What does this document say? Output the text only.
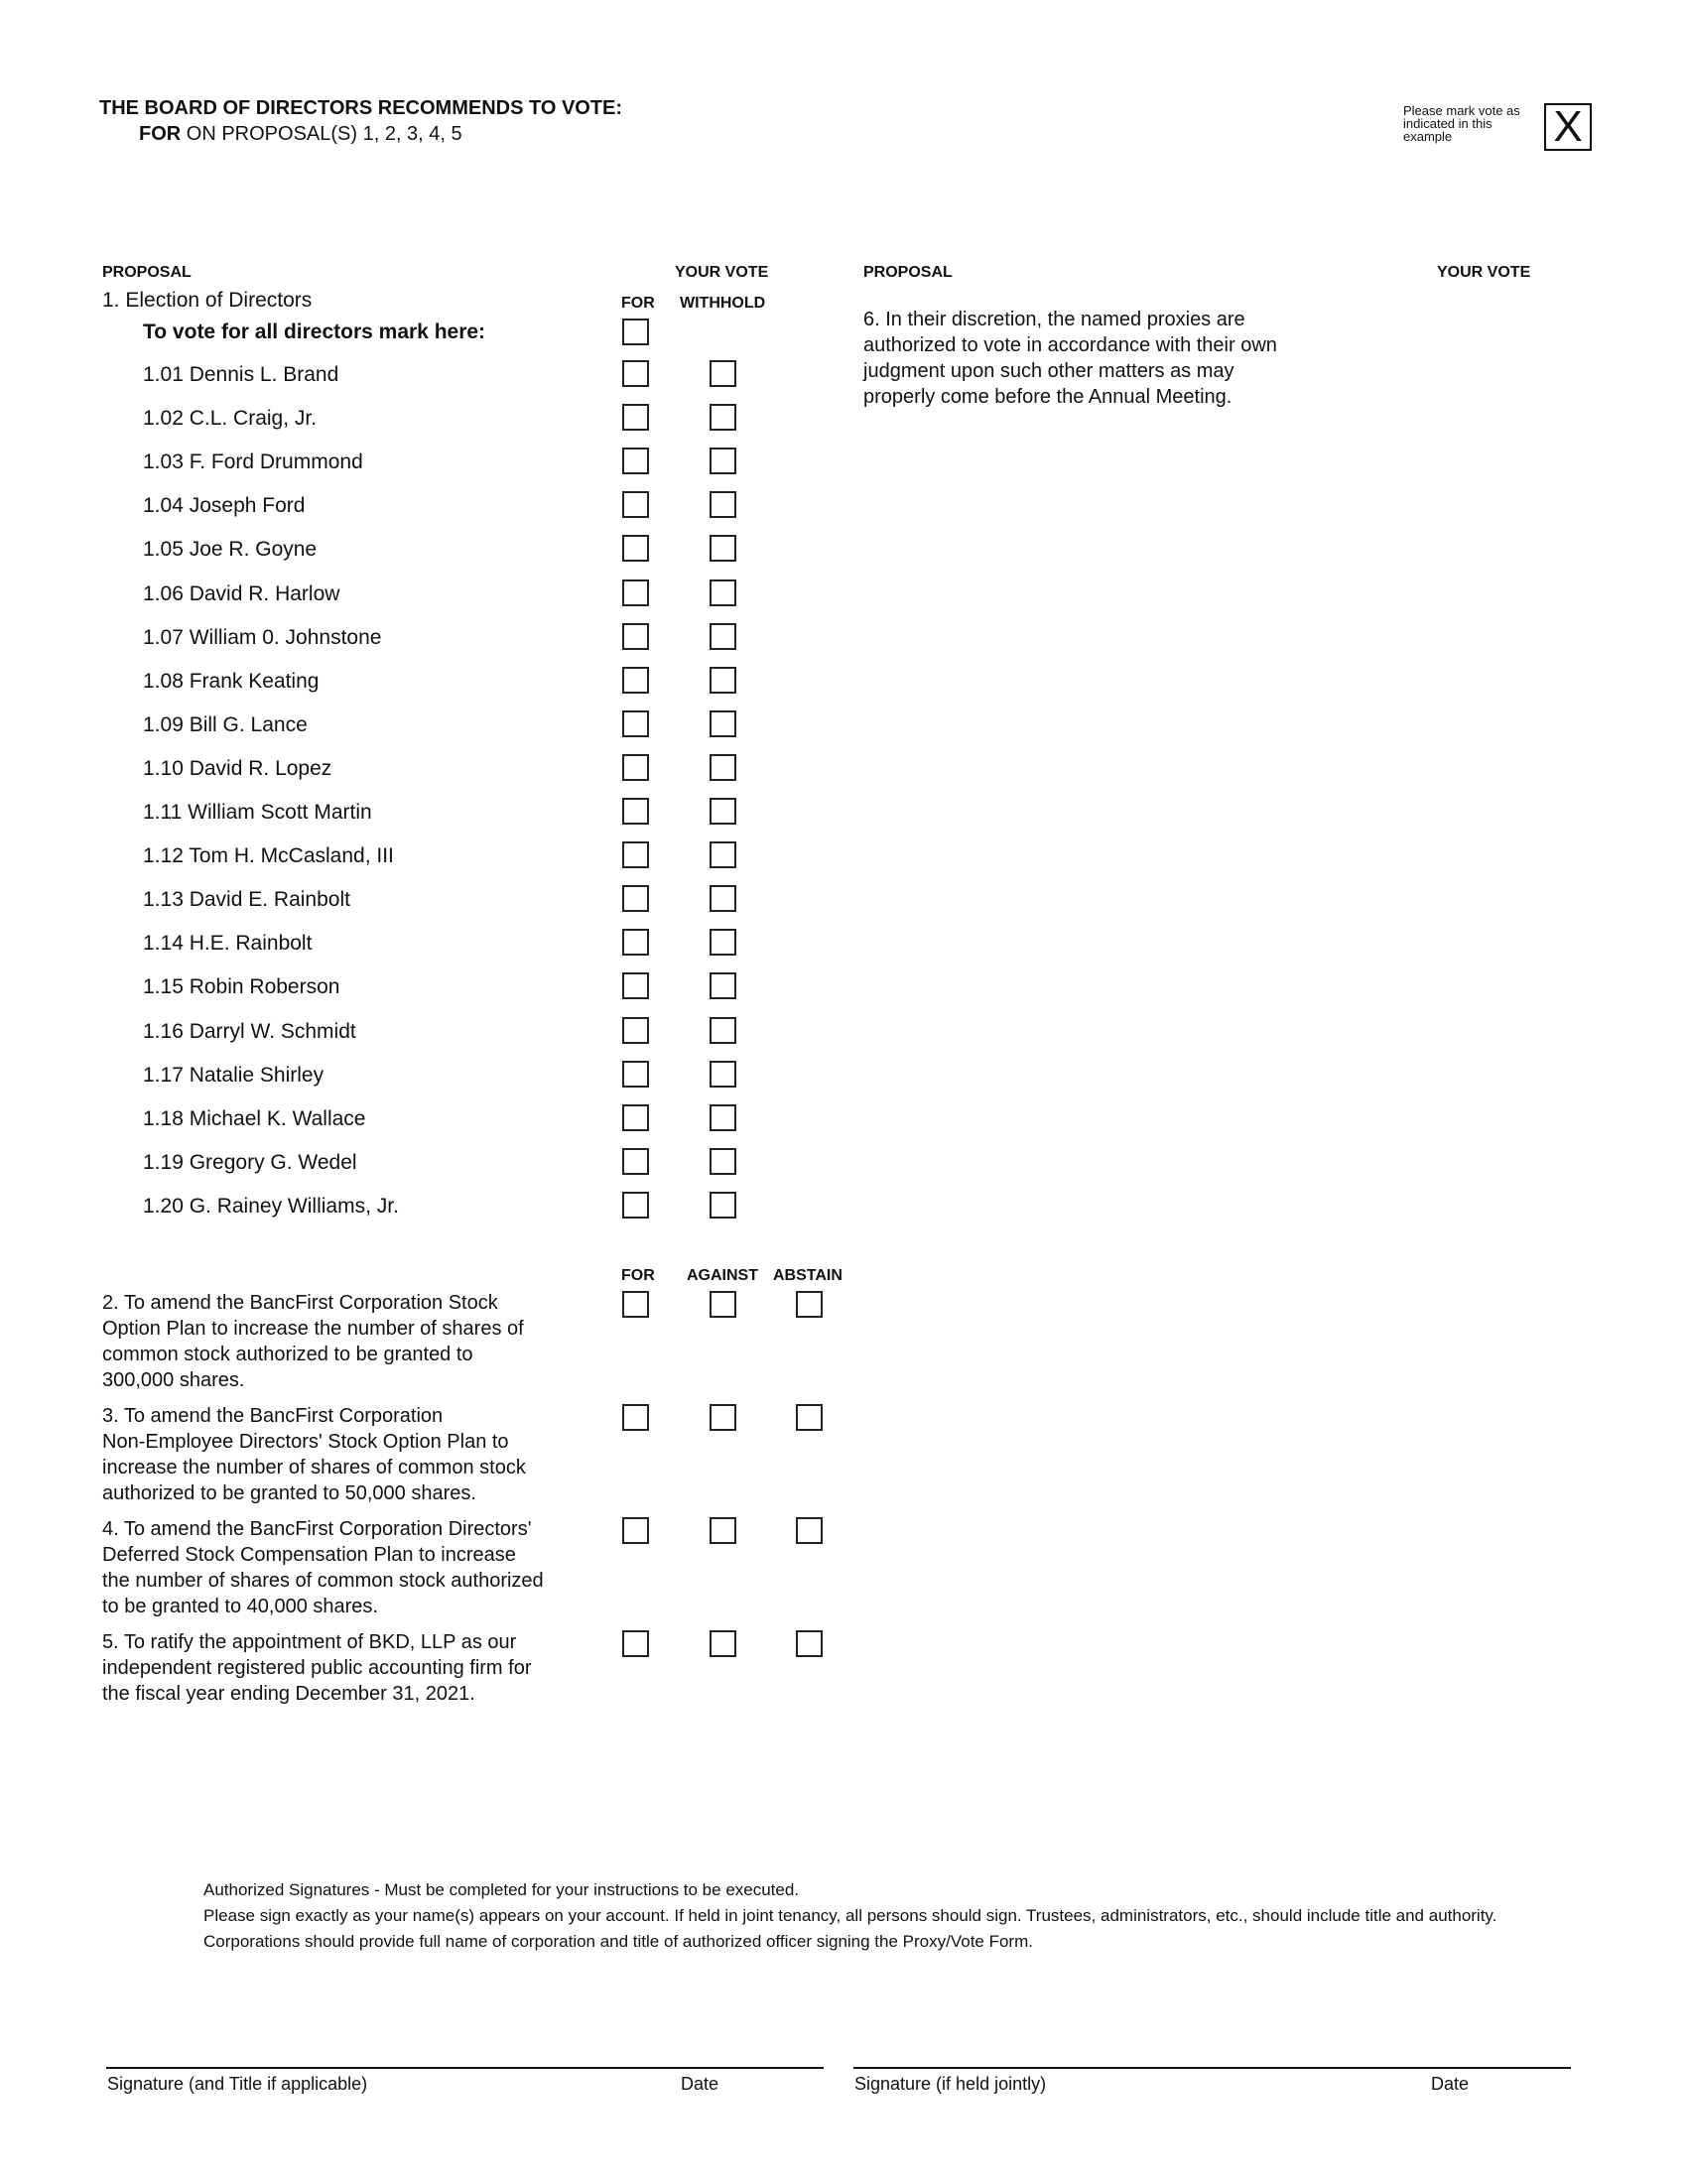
THE BOARD OF DIRECTORS RECOMMENDS TO VOTE:
FOR ON PROPOSAL(S) 1, 2, 3, 4, 5
Please mark vote as indicated in this example	X
PROPOSAL	YOUR VOTE
FOR WITHHOLD
PROPOSAL	YOUR VOTE
1. Election of Directors
To vote for all directors mark here:
1.01 Dennis L. Brand
1.02 C.L. Craig, Jr.
1.03 F. Ford Drummond
1.04 Joseph Ford
1.05 Joe R. Goyne
1.06 David R. Harlow
1.07 William 0. Johnstone
1.08 Frank Keating
1.09 Bill G. Lance
1.10 David R. Lopez
1.11 William Scott Martin
1.12 Tom H. McCasland, III
1.13 David E. Rainbolt
1.14 H.E. Rainbolt
1.15 Robin Roberson
1.16 Darryl W. Schmidt
1.17 Natalie Shirley
1.18 Michael K. Wallace
1.19 Gregory G. Wedel
1.20 G. Rainey Williams, Jr.
FOR AGAINST ABSTAIN
2. To amend the BancFirst Corporation Stock
Option Plan to increase the number of shares of
common stock authorized to be granted to
300,000 shares.
3. To amend the BancFirst Corporation
Non-Employee Directors' Stock Option Plan to
increase the number of shares of common stock
authorized to be granted to 50,000 shares.
4. To amend the BancFirst Corporation Directors'
Deferred Stock Compensation Plan to increase
the number of shares of common stock authorized
to be granted to 40,000 shares.
5. To ratify the appointment of BKD, LLP as our
independent registered public accounting firm for
the fiscal year ending December 31, 2021.
6. In their discretion, the named proxies are
authorized to vote in accordance with their own
judgment upon such other matters as may
properly come before the Annual Meeting.
Authorized Signatures - Must be completed for your instructions to be executed.
Please sign exactly as your name(s) appears on your account. If held in joint tenancy, all persons should sign. Trustees, administrators, etc., should include title and authority. Corporations should provide full name of corporation and title of authorized officer signing the Proxy/Vote Form.
Signature (and Title if applicable)	Date	Signature (if held jointly)	Date
